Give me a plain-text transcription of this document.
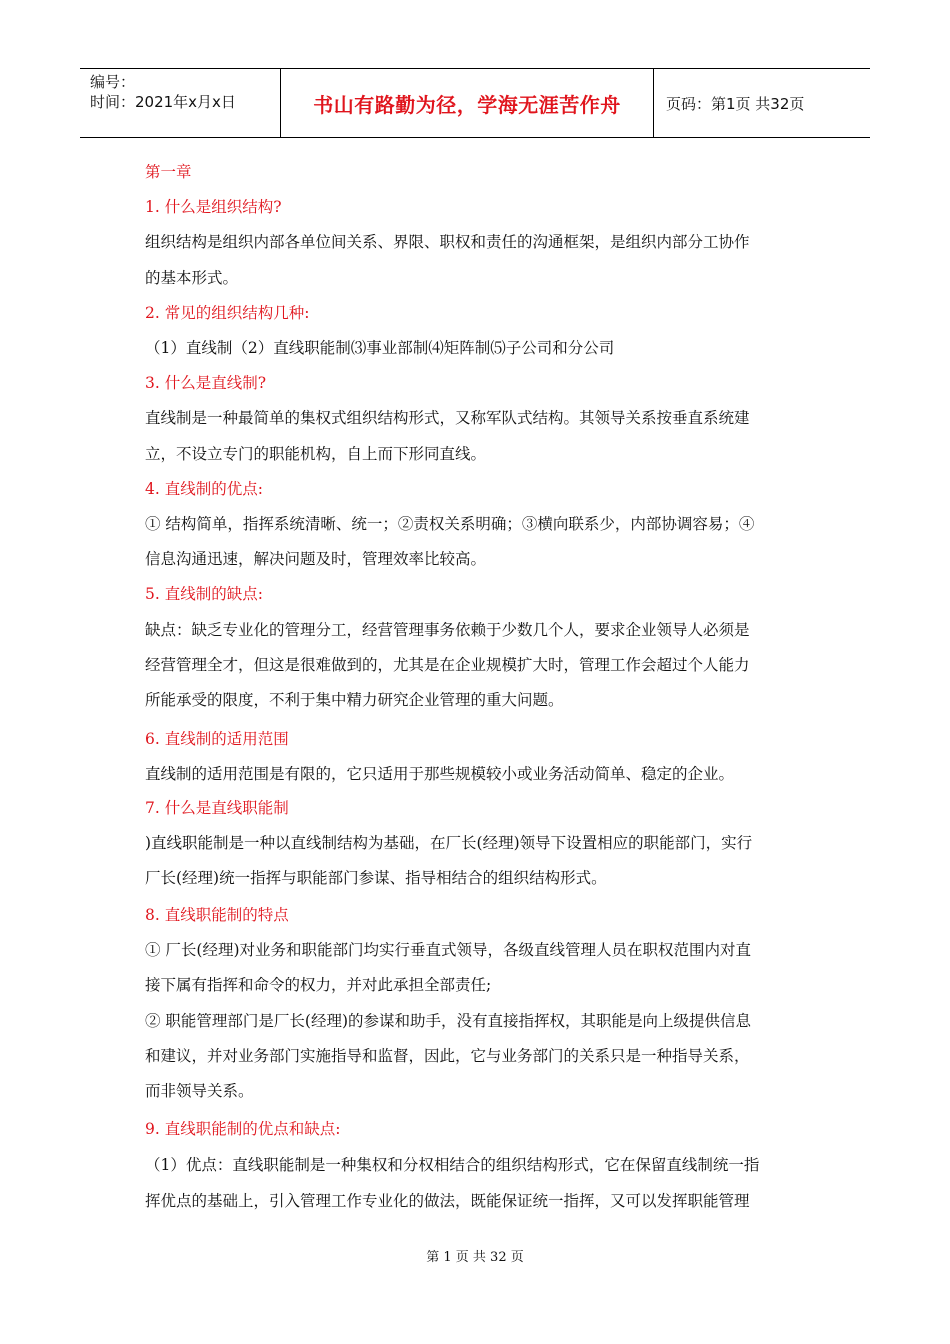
编号：
时间：2021年x月x日	书山有路勤为径，学海无涯苦作舟	页码：第1页 共32页
第一章
1. 什么是组织结构?
组织结构是组织内部各单位间关系、界限、职权和责任的沟通框架，是组织内部分工协作
的基本形式。
2. 常见的组织结构几种:
（1）直线制（2）直线职能制⑶事业部制⑷矩阵制⑸子公司和分公司
3. 什么是直线制?
直线制是一种最简单的集权式组织结构形式，又称军队式结构。其领导关系按垂直系统建
立，不设立专门的职能机构，自上而下形同直线。
4. 直线制的优点:
① 结构简单，指挥系统清晰、统一；②责权关系明确；③横向联系少，内部协调容易；④
信息沟通迅速，解决问题及时，管理效率比较高。
5. 直线制的缺点:
缺点：缺乏专业化的管理分工，经营管理事务依赖于少数几个人，要求企业领导人必须是
经营管理全才，但这是很难做到的，尤其是在企业规模扩大时，管理工作会超过个人能力
所能承受的限度，不利于集中精力研究企业管理的重大问题。
6. 直线制的适用范围
直线制的适用范围是有限的，它只适用于那些规模较小或业务活动简单、稳定的企业。
7. 什么是直线职能制
)直线职能制是一种以直线制结构为基础，在厂长(经理)领导下设置相应的职能部门，实行
厂长(经理)统一指挥与职能部门参谋、指导相结合的组织结构形式。
8. 直线职能制的特点
① 厂长(经理)对业务和职能部门均实行垂直式领导，各级直线管理人员在职权范围内对直
接下属有指挥和命令的权力，并对此承担全部责任;
② 职能管理部门是厂长(经理)的参谋和助手，没有直接指挥权，其职能是向上级提供信息
和建议，并对业务部门实施指导和监督，因此，它与业务部门的关系只是一种指导关系，
而非领导关系。
9. 直线职能制的优点和缺点:
（1）优点：直线职能制是一种集权和分权相结合的组织结构形式，它在保留直线制统一指
挥优点的基础上，引入管理工作专业化的做法，既能保证统一指挥，又可以发挥职能管理
第 1 页 共 32 页
